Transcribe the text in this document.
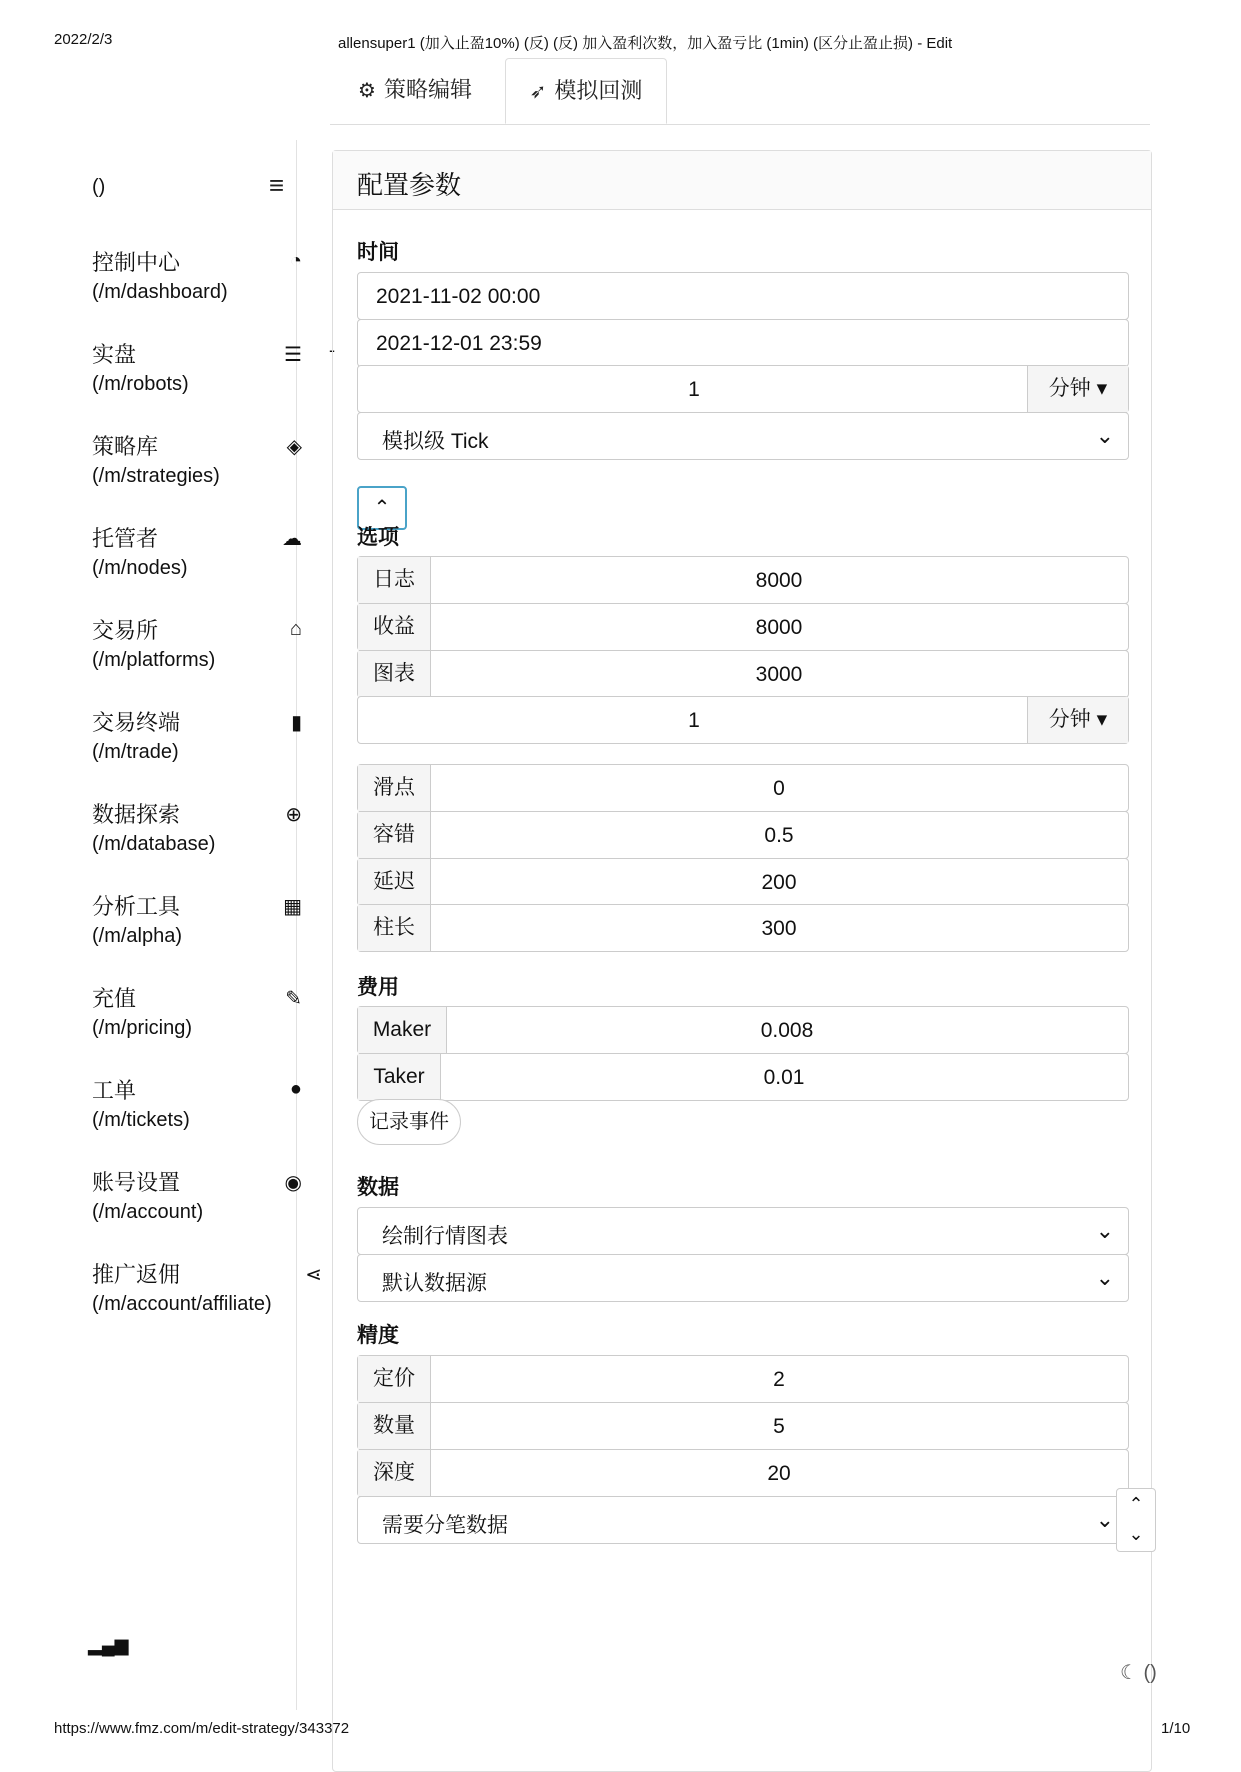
2022/2/3	allensuper1 (加入止盈10%) (反) (反) 加入盈利次数，加入盈亏比 (1min) (区分止盈止损) - Edit
https://www.fmz.com/m/edit-strategy/343372	1/10
⚙ 策略编辑	➶ 模拟回测
()	≡
控制中心
(/m/dashboard)
◔
实盘
(/m/robots)
☰
策略库
(/m/strategies)
◈
托管者
(/m/nodes)
☁
交易所
(/m/platforms)
⌂
交易终端
(/m/trade)
▮
数据探索
(/m/database)
⊕
分析工具
(/m/alpha)
▦
充值
(/m/pricing)
✎
工单
(/m/tickets)
●
账号设置
(/m/account)
◉
推广返佣
(/m/account/affiliate)
⋖
▂▄▆
-
配置参数
时间
2021-11-02 00:00
2021-12-01 23:59
1	分钟 ▾
模拟级 Tick	⌄
⌃
选项
日志	8000
收益	8000
图表	3000
1	分钟 ▾
滑点	0
容错	0.5
延迟	200
柱长	300
费用
Maker	0.008
Taker	0.01
记录事件
数据
绘制行情图表	⌄
默认数据源	⌄
精度
定价	2
数量	5
深度	20
需要分笔数据	⌄
⌃
⌄
☾ ()
